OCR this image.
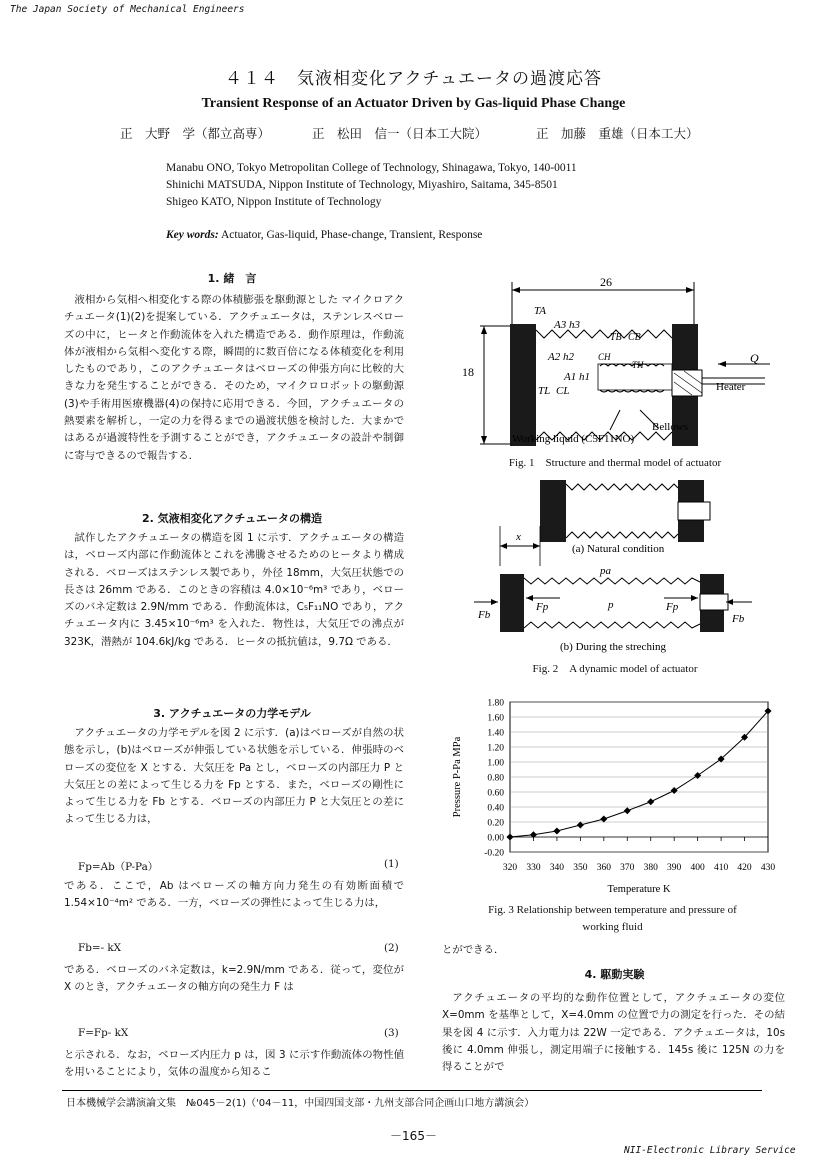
The Japan Society of Mechanical Engineers
４１４　気液相変化アクチュエータの過渡応答
Transient Response of an Actuator Driven by Gas-liquid Phase Change
正　大野　学（都立高専）	正　松田　信一（日本工大院）	正　加藤　重雄（日本工大）
Manabu ONO, Tokyo Metropolitan College of Technology, Shinagawa, Tokyo, 140-0011
Shinichi MATSUDA, Nippon Institute of Technology, Miyashiro, Saitama, 345-8501
Shigeo KATO, Nippon Institute of Technology
Key words: Actuator, Gas-liquid, Phase-change, Transient, Response
1. 緒　言
液相から気相へ相変化する際の体積膨張を駆動源とした マイクロアクチュエータ(1)(2)を提案している．アクチュエータは，ステンレスベローズの中に，ヒータと作動流体を入れた構造である．動作原理は，作動流体が液相から気相へ変化する際，瞬間的に数百倍になる体積変化を利用したものであり，このアクチュエータはベローズの伸張方向に比較的大きな力を発生することができる．そのため，マイクロロボットの駆動源(3)や手術用医療機器(4)の保持に応用できる．今回，アクチュエータの熱要素を解析し，一定の力を得るまでの過渡状態を検討した．大まかではあるが過渡特性を予測することができ，アクチュエータの設計や制御に寄与できるので報告する．
2. 気液相変化アクチュエータの構造
試作したアクチュエータの構造を図 1 に示す．アクチュエータの構造は，ベローズ内部に作動流体とこれを沸騰させるためのヒータより構成される．ベローズはステンレス製であり，外径 18mm，大気圧状態での長さは 26mm である．このときの容積は 4.0×10⁻⁶m³ であり，ベローズのバネ定数は 2.9N/mm である．作動流体は，C₅F₁₁NO であり，アクチュエータ内に 3.45×10⁻⁶m³ を入れた．物性は，大気圧での沸点が 323K，潜熱が 104.6kJ/kg である．ヒータの抵抗値は，9.7Ω である．
3. アクチュエータの力学モデル
アクチュエータの力学モデルを図 2 に示す．(a)はベローズが自然の状態を示し，(b)はベローズが伸張している状態を示している．伸張時のベローズの変位を X とする．大気圧を Pa とし，ベローズの内部圧力 P と大気圧との差によって生じる力を Fp とする．また，ベローズの剛性によって生じる力を Fb とする．ベローズの内部圧力 P と大気圧との差によって生じる力は，
Fp=Ab（P-Pa）	(1)
である．ここで，Ab はベローズの軸方向力発生の有効断面積で 1.54×10⁻⁴m² である．一方，ベローズの弾性によって生じる力は，
Fb=- kX	(2)
である．ベローズのバネ定数は，k=2.9N/mm である．従って，変位が X のとき，アクチュエータの軸方向の発生力 F は
F=Fp- kX	(3)
と示される．なお，ベローズ内圧力 p は，図 3 に示す作動流体の物性値を用いることにより，気体の温度から知るこ
26
18
TA
A3 h3
TB CB
A2 h2	CH
TH
A1 h1
TL CL
Q
Heater
Bellows
Working liquid (C5F11NO)
Fig. 1　Structure and thermal model of actuator
x
(a) Natural condition
pa
p
Fp	Fp
Fb	Fb
(b) During the streching
Fig. 2　A dynamic model of actuator
-0.20
0.00
0.20
0.40
0.60
0.80
1.00
1.20
1.40
1.60
1.80
320 330 340 350 360 370 380 390 400 410 420 430
Temperature K
Pressure P-Pa MPa
Fig. 3 Relationship between temperature and pressure of
working fluid
とができる．
4. 駆動実験
アクチュエータの平均的な動作位置として，アクチュエータの変位 X=0mm を基準として，X=4.0mm の位置で力の測定を行った．その結果を図 4 に示す．入力電力は 22W 一定である．アクチュエータは，10s 後に 4.0mm 伸張し，測定用端子に接触する．145s 後に 125N の力を得ることがで
日本機械学会講演論文集　№045－2(1)（'04－11，中国四国支部・九州支部合同企画山口地方講演会）
－165－
NII-Electronic Library Service
